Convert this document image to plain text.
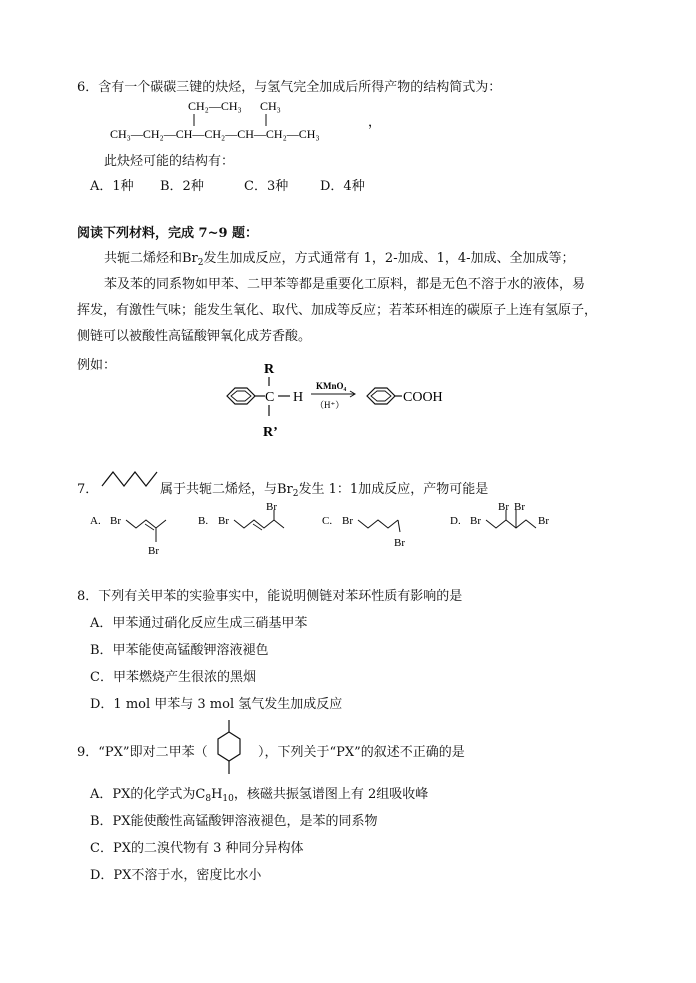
6．含有一个碳碳三键的炔烃，与氢气完全加成后所得产物的结构简式为：
CH₂—CH₃ CH₃
CH₃—CH₂—CH—CH₂—CH—CH₂—CH₃
，
此炔烃可能的结构有：
A．1种 B．2种	C．3种 D．4种
阅读下列材料，完成 7~9 题：
共轭二烯烃和$Br_2$发生加成反应，方式通常有 1，2-加成、1，4-加成、全加成等；
苯及苯的同系物如甲苯、二甲苯等都是重要化工原料，都是无色不溶于水的液体，易
挥发，有激性气味；能发生氧化、取代、加成等反应；若苯环相连的碳原子上连有氢原子，
侧链可以被酸性高锰酸钾氧化成芳香酸。
例如：	R
C H
R’
KMnO₄
（H⁺）	COOH
7．	属于共轭二烯烃，与$Br_2$发生 1：1加成反应，产物可能是
A. Br
Br
B. Br
Br
C. Br
Br
D. Br
Br Br
Br
8．下列有关甲苯的实验事实中，能说明侧链对苯环性质有影响的是
A．甲苯通过硝化反应生成三硝基甲苯
B．甲苯能使高锰酸钾溶液褪色
C．甲苯燃烧产生很浓的黑烟
D．1 mol 甲苯与 3 mol 氢气发生加成反应
9．“PX”即对二甲苯（	），下列关于“PX”的叙述不正确的是
A．PX的化学式为$C_8H_{10}$，核磁共振氢谱图上有 2组吸收峰
B．PX能使酸性高锰酸钾溶液褪色，是苯的同系物
C．PX的二溴代物有 3 种同分异构体
D．PX不溶于水，密度比水小
